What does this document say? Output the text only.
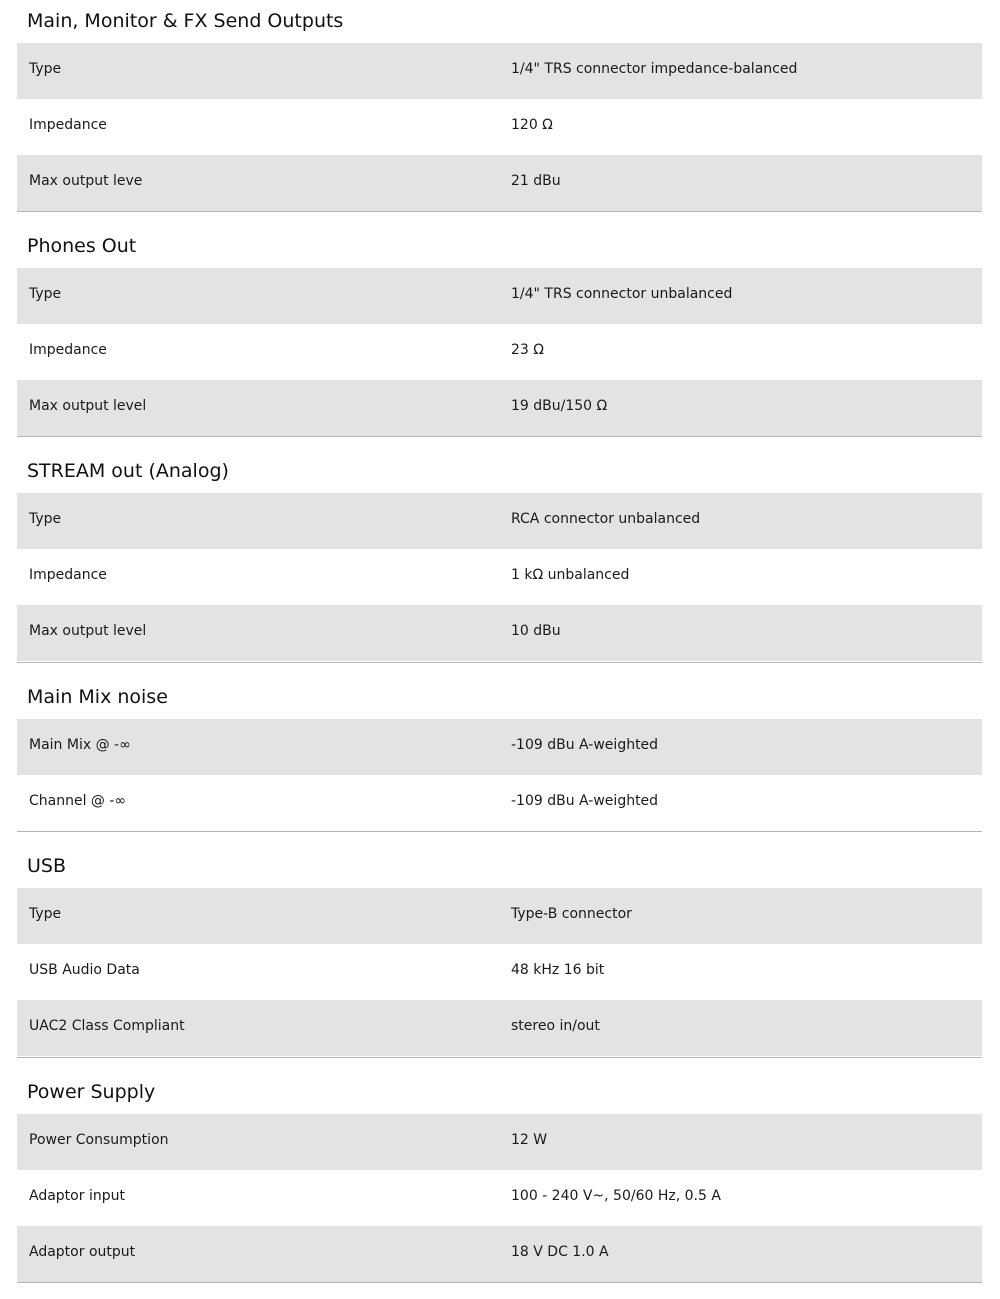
Main, Monitor & FX Send Outputs
Type	1/4" TRS connector impedance-balanced
Impedance	120 Ω
Max output leve	21 dBu
Phones Out
Type	1/4" TRS connector unbalanced
Impedance	23 Ω
Max output level	19 dBu/150 Ω
STREAM out (Analog)
Type	RCA connector unbalanced
Impedance	1 kΩ unbalanced
Max output level	10 dBu
Main Mix noise
Main Mix @ -∞	-109 dBu A-weighted
Channel @ -∞	-109 dBu A-weighted
USB
Type	Type-B connector
USB Audio Data	48 kHz 16 bit
UAC2 Class Compliant	stereo in/out
Power Supply
Power Consumption	12 W
Adaptor input	100 - 240 V~, 50/60 Hz, 0.5 A
Adaptor output	18 V DC 1.0 A
